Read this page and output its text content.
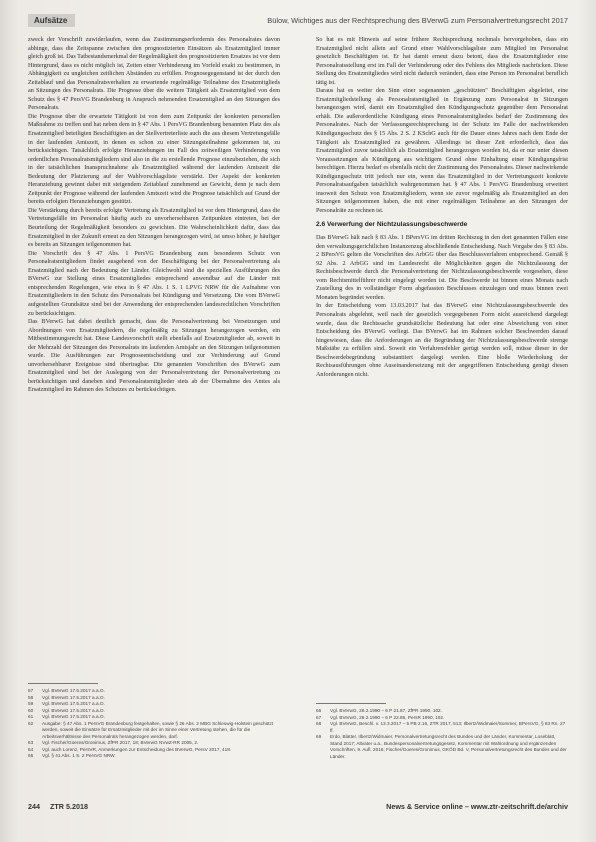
Aufsätze	Bülow, Wichtiges aus der Rechtsprechung des BVerwG zum Personalvertretungsrecht 2017

zweck der Vorschrift zuwiderlaufen, wenn das Zustimmungserfordernis des Personalrates davon abhinge, dass die Zeitspanne zwischen den prognostizierten Einsätzen als Ersatzmitglied immer gleich groß ist. Das Tatbestandsmerkmal der Regelmäßigkeit des prognostizierten Ersatzes ist vor dem Hintergrund, dass es nicht möglich ist, Zeiten einer Verhinderung im Vorfeld exakt zu bestimmen, in Abhängigkeit zu ungleichen zeitlichen Abständen zu erfüllen. Prognosegegenstand ist der durch den Zeitablauf und das Personalratsverhalten zu erwartende regelmäßige Teilnahme des Ersatzmitglieds an Sitzungen des Personalrats. Die Prognose über die weitere Tätigkeit als Ersatzmitglied von dem Schutz des § 47 PersVG Brandenburg in Anspruch nehmenden Ersatzmitglied an den Sitzungen des Personalrats.

Die Prognose über die erwartete Tätigkeit ist von dem zum Zeitpunkt der konkreten personellen Maßnahme zu treffen und hat neben dem in § 47 Abs. 1 PersVG Brandenburg benannten Platz des als Ersatzmitglied beteiligten Beschäftigten an der Stellvertreterliste auch die aus diesem Vertretungsfälle in der laufenden Amtszeit, in denen es schon zu einer Sitzungsteilnahme gekommen ist, zu berücksichtigen. Tatsächlich erfolgte Heranziehungen im Fall des zeitweiligen Verhinderung von ordentlichen Personalratsmitgliedern sind also in die zu erstellende Prognose einzubeziehen, die sich in der tatsächlichen Inanspruchnahme als Ersatzmitglied während der laufenden Amtszeit die Bedeutung der Platzierung auf der Wahlvorschlagsliste verstärkt. Der Aspekt der konkreten Heranziehung gewinnt dabei mit steigendem Zeitablauf zunehmend an Gewicht, denn je nach dem Zeitpunkt der Prognose während der laufenden Amtszeit wird die Prognose tatsächlich auf Grund der bereits erfolgten Heranziehungen gestützt.

Die Verstärkung durch bereits erfolgte Vertretung als Ersatzmitglied ist vor dem Hintergrund, dass die Vertretungsfälle im Personalrat häufig auch zu unvorhersehbaren Zeitpunkten eintreten, bei der Beurteilung der Regelmäßigkeit besonders zu gewichten. Die Wahrscheinlichkeit dafür, dass das Ersatzmitglied in der Zukunft erneut zu den Sitzungen herangezogen wird, ist umso höher, je häufiger es bereits an Sitzungen teilgenommen hat.

Die Vorschrift des § 47 Abs. 1 PersVG Brandenburg zum besonderen Schutz von Personalratsmitgliedern findet ausgehend von der Beschäftigung bei der Personalvertretung als Ersatzmitglied nach der Bedeutung der Länder. Gleichwohl sind die speziellen Ausführungen des BVerwG zur Stellung eines Ersatzmitgliedes entsprechend anwendbar auf die Länder mit entsprechenden Regelungen, wie etwa in § 47 Abs. 1 S. 1 LPVG NRW für die Aufnahme von Ersatzmitgliedern in den Schutz des Personalrats bei Kündigung und Versetzung. Die vom BVerwG aufgestellten Grundsätze sind bei der Anwendung der entsprechenden landesrechtlichen Vorschriften zu berücksichtigen.

Das BVerwG hat dabei deutlich gemacht, dass die Personalvertretung bei Versetzungen und Abordnungen von Ersatzmitgliedern, die regelmäßig zu Sitzungen herangezogen werden, ein Mitbestimmungsrecht hat. Diese Landesvorschrift stellt ebenfalls auf Ersatzmitglieder ab, soweit in der Mehrzahl der Sitzungen des Personalrats im laufenden Amtsjahr an den Sitzungen teilgenommen wurde. Die Ausführungen zur Prognoseentscheidung und zur Verhinderung auf Grund unvorhersehbarer Ereignisse sind übertragbar. Die genannten Vorschriften des BVerwG zum Ersatzmitglied sind bei der Auslegung von der Personalvertretung der Personalvertretung zu berücksichtigen und daneben sind Personalratsmitglieder stets ab der Übernahme des Amtes als Ersatzmitglied im Rahmen des Schutzes zu berücksichtigen.

So hat es mit Hinweis auf seine frühere Rechtsprechung nochmals hervorgehoben, dass ein Ersatzmitglied nicht allein auf Grund einer Wahlvorschlagsliste zum Mitglied im Personalrat gesetzlich Beschäftigten ist. Er hat damit erneut dazu betont, dass die Ersatzmitglieder eine Personalratsstellung erst im Fall der Verhinderung oder des Fehlens des Mitglieds nachrücken. Diese Stellung des Ersatzmitgliedes wird nicht dadurch verändert, dass eine Person im Personalrat beruflich tätig ist.

Daraus hat es weiter den Sinn einer sogenannten „geschützten" Beschäftigten abgeleitet, eine Ersatzmitgliedstellung als Personalratsmitglied in Ergänzung zum Personalrat in Sitzungen herangezogen wird, damit ein Ersatzmitglied den Kündigungsschutz gegenüber dem Personalrat erhält. Die außerordentliche Kündigung eines Personalratsmitgliedes bedarf der Zustimmung des Personalrates. Nach der Verfassungsrechtsprechung ist der Schutz im Falle der nachwirkenden Kündigungsschutz des § 15 Abs. 2 S. 2 KSchG auch für die Dauer eines Jahres nach dem Ende der Tätigkeit als Ersatzmitglied zu gewähren. Allerdings ist dieser Zeit erforderlich, dass das Ersatzmitglied zuvor tatsächlich als Ersatzmitglied herangezogen worden ist, da er nur unter diesen Voraussetzungen als Kündigung aus wichtigem Grund ohne Einhaltung einer Kündigungsfrist berechtigen. Hierzu bedarf es ebenfalls nicht der Zustimmung des Personalrates. Dieser nachwirkende Kündigungsschutz tritt jedoch nur ein, wenn das Ersatzmitglied in der Vertretungszeit konkrete Personalratsaufgaben tatsächlich wahrgenommen hat. § 47 Abs. 1 PersVG Brandenburg erweitert insoweit den Schutz von Ersatzmitgliedern, wenn sie zuvor regelmäßig als Ersatzmitglied an den Sitzungen teilgenommen haben, die mit einer regelmäßigen Teilnahme an den Sitzungen der Personalräte zu rechnen ist.

2.6 Verwerfung der Nichtzulassungsbeschwerde

Das BVerwG hält nach § 83 Abs. 1 BPersVG im dritten Rechtszug in den dort genannten Fällen eine den verwaltungsgerichtlichen Instanzenzug abschließende Entscheidung. Nach Vorgabe des § 83 Abs. 2 BPersVG gelten die Vorschriften des ArbGG über das Beschlussverfahren entsprechend. Gemäß § 92 Abs. 2 ArbGG sind im Landesrecht die Möglichkeiten gegen die Nichtzulassung der Rechtsbeschwerde durch die Personalvertretung der Nichtzulassungsbeschwerde vorgesehen, diese vom Rechtsmittelführer nicht eingelegt worden ist. Die Beschwerde ist binnen eines Monats nach Zustellung des in vollständiger Form abgefassten Beschlusses einzulegen und muss binnen zwei Monaten begründet werden.

In der Entscheidung vom 13.03.2017 hat das BVerwG eine Nichtzulassungsbeschwerde des Personalrats abgelehnt, weil nach der gesetzlich vorgegebenen Form nicht ausreichend dargelegt wurde, dass die Rechtssache grundsätzliche Bedeutung hat oder eine Abweichung von einer Entscheidung des BVerwG vorliegt. Das BVerwG hat im Rahmen solcher Beschwerden darauf hingewiesen, dass die Anforderungen an die Begründung der Nichtzulassungsbeschwerde strenge Maßstäbe zu erfüllen sind. Soweit ein Verfahrensfehler gerügt werden soll, müsse dieser in der Beschwerdebegründung substantiiert dargelegt werden. Eine bloße Wiederholung der Rechtsausführungen ohne Auseinandersetzung mit der angegriffenen Entscheidung genügt diesen Anforderungen nicht.

57	Vgl. BVerwG 17.5.2017 a.a.O.
58	Vgl. BVerwG 17.5.2017 a.a.O.
59	Vgl. BVerwG 17.5.2017 a.a.O.
60	Vgl. BVerwG 17.5.2017 a.a.O.
61	Vgl. BVerwG 17.5.2017 a.a.O.
62	Ausgabe: § 47 Abs. 1 PersVG Brandenburg festgehalten, sowie § 26 Abs. 2 MBG Schleswig-Holstein geschützt werden, soweit die Einsätze für Ersatzmitglieder mit der im Sinne einer Vertretung stehen, die für die Arbeitsverhältnisse des Personalrats herangezogen werden, darf.
63	Vgl. Fischer/Goeres/Gronimus, ZfPR 2017, 18; BVerwG NVwZ-RR 2005, 2.
64	Vgl. auch Lorenz, PersVR, Anmerkungen zur Entscheidung des BVerwG, PersV 2017, 418.
65	Vgl. § 41 Abs. 1 S. 2 PersVG NRW.
66	Vgl. BVerwG, 28.2.1990 – 6 P 21.87, ZfPR 1990, 102.
67	Vgl. BVerwG, 28.2.1990 – 6 P 22.86, PersR 1990, 102.
68	Vgl. BVerwG, Beschl. v. 13.3.2017 – 5 PB 2.16, ZTR 2017, 513; Ilbertz/Widmaier/Sommer, BPersVG, § 83 Rn. 27 ff.
69	Erdo, Blatter, Ilbertz/Widmaier, Personalvertretungsrecht des Bundes und der Länder, Kommentar, Loseblatt, Stand 2017; Altvater u.a., Bundespersonalvertretungsgesetz, Kommentar mit Wahlordnung und ergänzenden Vorschriften, 9. Aufl. 2016; Fischer/Goeres/Gronimus, GKÖD Bd. V, Personalvertretungsrecht des Bundes und der Länder.
244 ZTR 5.2018	News & Service online – www.ztr-zeitschrift.de/archiv
